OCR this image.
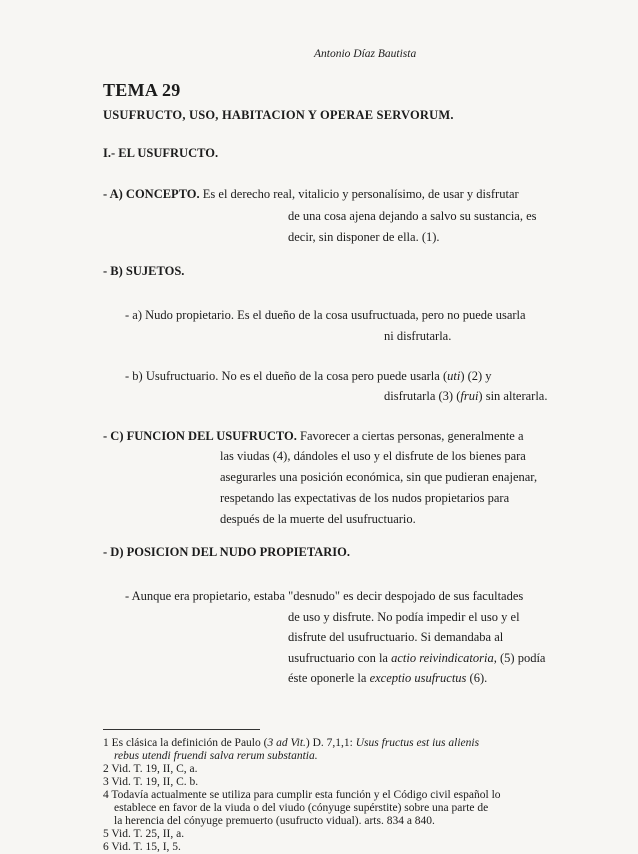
Antonio Díaz Bautista
TEMA 29
USUFRUCTO, USO, HABITACION Y OPERAE SERVORUM.
I.- EL USUFRUCTO.
- A) CONCEPTO. Es el derecho real, vitalicio y personalísimo, de usar y disfrutar
de una cosa ajena dejando a salvo su sustancia, es
decir, sin disponer de ella. (1).
- B) SUJETOS.
- a) Nudo propietario. Es el dueño de la cosa usufructuada, pero no puede usarla
ni disfrutarla.
- b) Usufructuario. No es el dueño de la cosa pero puede usarla (uti) (2) y
disfrutarla (3) (frui) sin alterarla.
- C) FUNCION DEL USUFRUCTO. Favorecer a ciertas personas, generalmente a
las viudas (4), dándoles el uso y el disfrute de los bienes para
asegurarles una posición económica, sin que pudieran enajenar,
respetando las expectativas de los nudos propietarios para
después de la muerte del usufructuario.
- D) POSICION DEL NUDO PROPIETARIO.
- Aunque era propietario, estaba "desnudo" es decir despojado de sus facultades
de uso y disfrute. No podía impedir el uso y el
disfrute del usufructuario. Si demandaba al
usufructuario con la actio reivindicatoria, (5) podía
éste oponerle la exceptio usufructus (6).
1 Es clásica la definición de Paulo (3 ad Vit.) D. 7,1,1: Usus fructus est ius alienis
rebus utendi fruendi salva rerum substantia.
2 Vid. T. 19, II, C, a.
3 Vid. T. 19, II, C. b.
4 Todavía actualmente se utiliza para cumplir esta función y el Código civil español lo
establece en favor de la viuda o del viudo (cónyuge supérstite) sobre una parte de
la herencia del cónyuge premuerto (usufructo vidual). arts. 834 a 840.
5 Vid. T. 25, II, a.
6 Vid. T. 15, I, 5.
